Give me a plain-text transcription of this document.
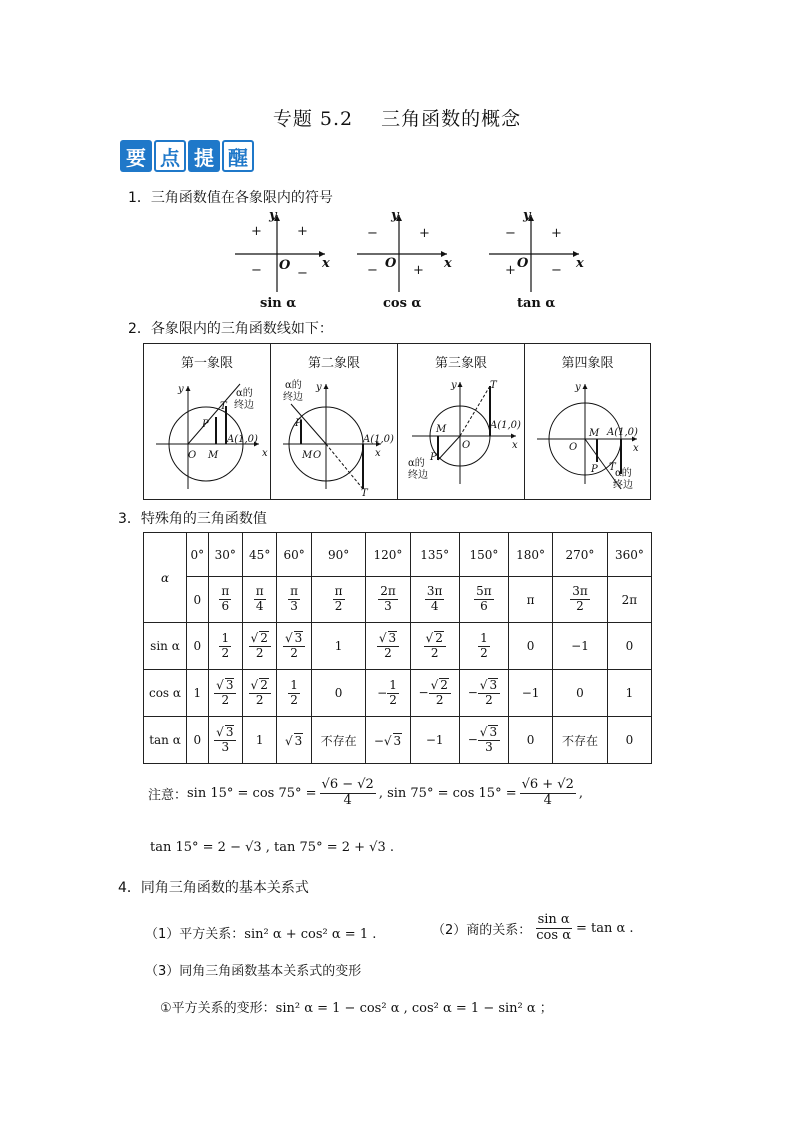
专题 5.2 三角函数的概念
要 点 提 醒
1．三角函数值在各象限内的符号
y
x
O
+
+
−	−
sin α
y
x
O
+
−
−	+
cos α
y
x
O
+
−
+	−
tan α
2．各象限内的三角函数线如下：
第一象限
y
x
O M
P
T
A(1,0)
α的
终边
第二象限
y
x
O
M
P
T
A(1,0)
α的
终边
第三象限
y
x
O
M
P
T
A(1,0)
α的
终边
第四象限
y
x
O
M
P T
A(1,0)
α的
终边
3．特殊角的三角函数值
α	0°	30°	45°	60°	90°	120°	135°	150°	180°	270°	360°
	0	$\frac{\pi}{6}$	$\frac{\pi}{4}$	$\frac{\pi}{3}$	$\frac{\pi}{2}$	$\frac{2\pi}{3}$	$\frac{3\pi}{4}$	$\frac{5\pi}{6}$	π	$\frac{3\pi}{2}$	2π
sin α	0	$\frac{1}{2}$	$\frac{√ 2}{2}$	$\frac{√ 3}{2}$	1	$\frac{√ 3}{2}$	$\frac{√ 2}{2}$	$\frac{1}{2}$	0	−1	0
cos α	1	$\frac{√ 3}{2}$	$\frac{√ 2}{2}$	$\frac{1}{2}$	0	− $\frac{1}{2}$	− $\frac{√ 2}{2}$	− $\frac{√ 3}{2}$	−1	0	1
tan α	0	$\frac{√ 3}{3}$	1	√ 3	不存在	−√ 3	−1	− $\frac{√ 3}{3}$	0	不存在	0
注意： $\sin 15^\circ = \cos 75^\circ = \frac{√6 - √2}{4}$ , $\sin 75^\circ = \cos 15^\circ = \frac{√6 + √2}{4}$ ,
tan 15° = 2 − √3 , tan 75° = 2 + √3 .
4．同角三角函数的基本关系式
（1）平方关系：sin² α + cos² α = 1 .	（2）商的关系： $\frac{\text{sin α}}{\text{cos α}} = \tan \alpha$ .
（3）同角三角函数基本关系式的变形
①平方关系的变形：sin² α = 1 − cos² α , cos² α = 1 − sin² α ；
